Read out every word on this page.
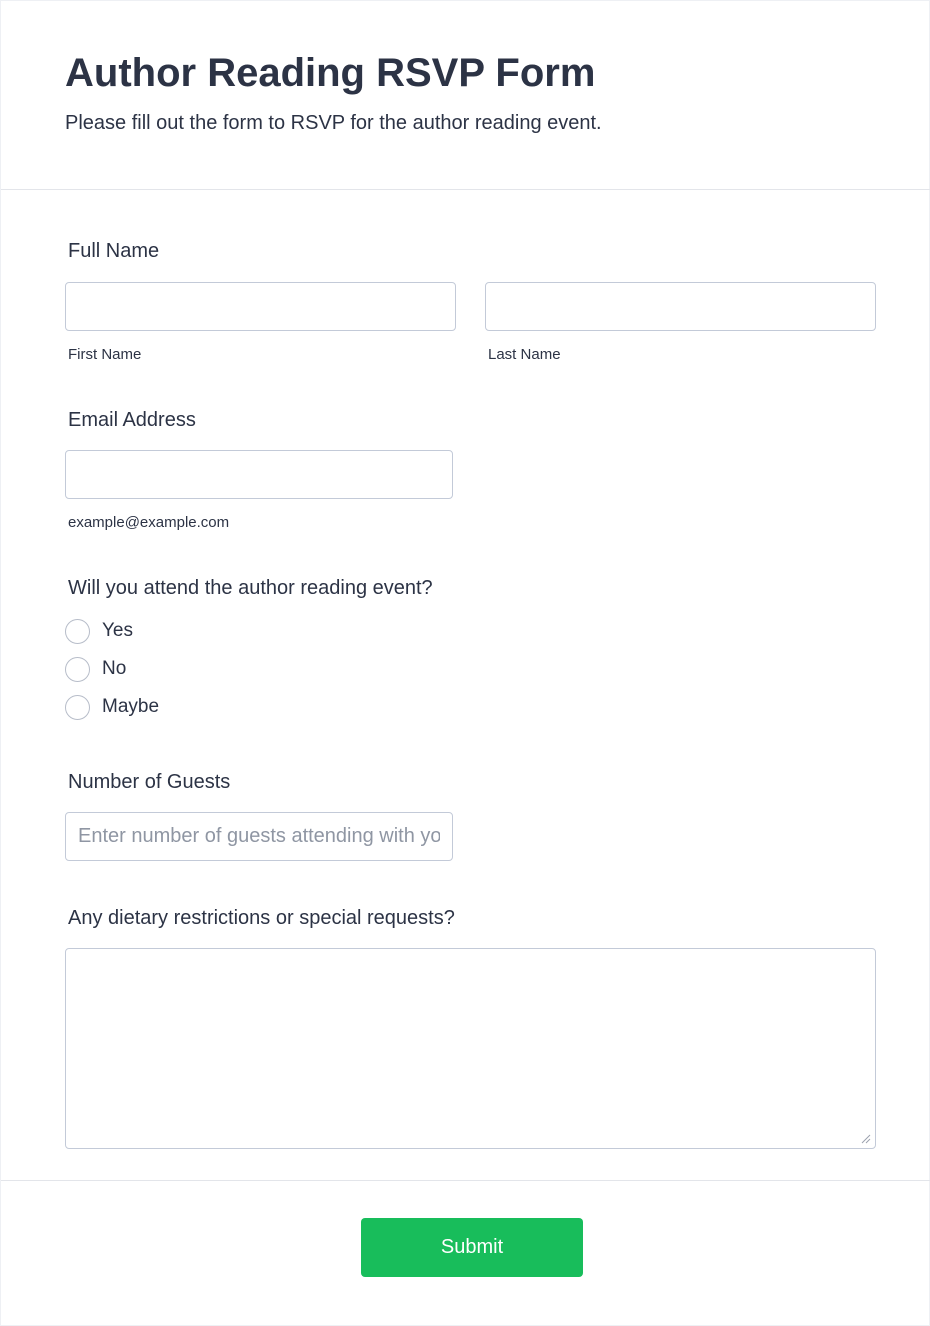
Author Reading RSVP Form

Please fill out the form to RSVP for the author reading event.

Full Name
First Name	Last Name
Email Address
example@example.com
Will you attend the author reading event?
Yes
No
Maybe
Number of Guests
Enter number of guests attending with you
Any dietary restrictions or special requests?
Submit
